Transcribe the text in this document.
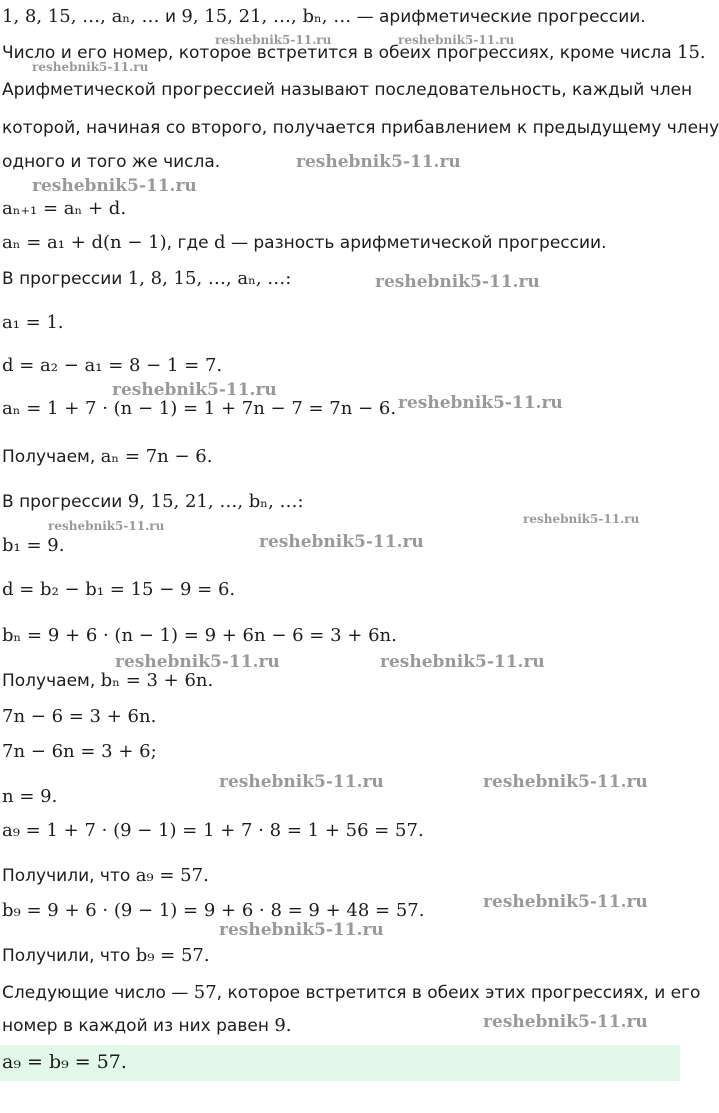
1, 8, 15, …, aₙ, … и 9, 15, 21, …, bₙ, … — арифметические прогрессии.
Число и его номер, которое встретится в обеих прогрессиях, кроме числа 15.
Арифметической прогрессией называют последовательность, каждый член
которой, начиная со второго, получается прибавлением к предыдущему члену
одного и того же числа.
aₙ₊₁ = aₙ + d.
aₙ = a₁ + d(n − 1), где d — разность арифметической прогрессии.
В прогрессии 1, 8, 15, …, aₙ, …:
a₁ = 1.
d = a₂ − a₁ = 8 − 1 = 7.
aₙ = 1 + 7 · (n − 1) = 1 + 7n − 7 = 7n − 6.
Получаем, aₙ = 7n − 6.
В прогрессии 9, 15, 21, …, bₙ, …:
b₁ = 9.
d = b₂ − b₁ = 15 − 9 = 6.
bₙ = 9 + 6 · (n − 1) = 9 + 6n − 6 = 3 + 6n.
Получаем, bₙ = 3 + 6n.
7n − 6 = 3 + 6n.
7n − 6n = 3 + 6;
n = 9.
a₉ = 1 + 7 · (9 − 1) = 1 + 7 · 8 = 1 + 56 = 57.
Получили, что a₉ = 57.
b₉ = 9 + 6 · (9 − 1) = 9 + 6 · 8 = 9 + 48 = 57.
Получили, что b₉ = 57.
Следующие число — 57, которое встретится в обеих этих прогрессиях, и его
номер в каждой из них равен 9.
a₉ = b₉ = 57.
reshebnik5-11.ru	reshebnik5-11.ru
reshebnik5-11.ru
reshebnik5-11.ru
reshebnik5-11.ru
reshebnik5-11.ru
reshebnik5-11.ru
reshebnik5-11.ru
reshebnik5-11.ru	reshebnik5-11.ru
reshebnik5-11.ru
reshebnik5-11.ru	reshebnik5-11.ru
reshebnik5-11.ru	reshebnik5-11.ru
reshebnik5-11.ru
reshebnik5-11.ru
reshebnik5-11.ru
